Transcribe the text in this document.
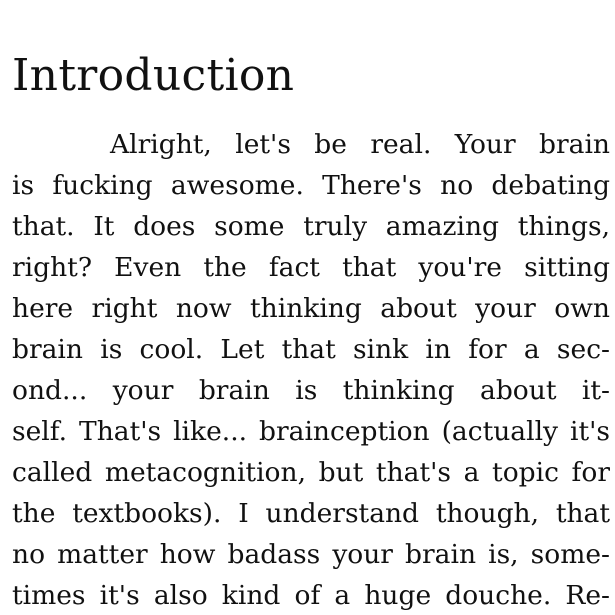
Introduction
Alright, let's be real. Your brain
is fucking awesome. There's no debating
that. It does some truly amazing things,
right? Even the fact that you're sitting
here right now thinking about your own
brain is cool. Let that sink in for a sec-
ond... your brain is thinking about it-
self. That's like... brainception (actually it's
called metacognition, but that's a topic for
the textbooks). I understand though, that
no matter how badass your brain is, some-
times it's also kind of a huge douche. Re-
